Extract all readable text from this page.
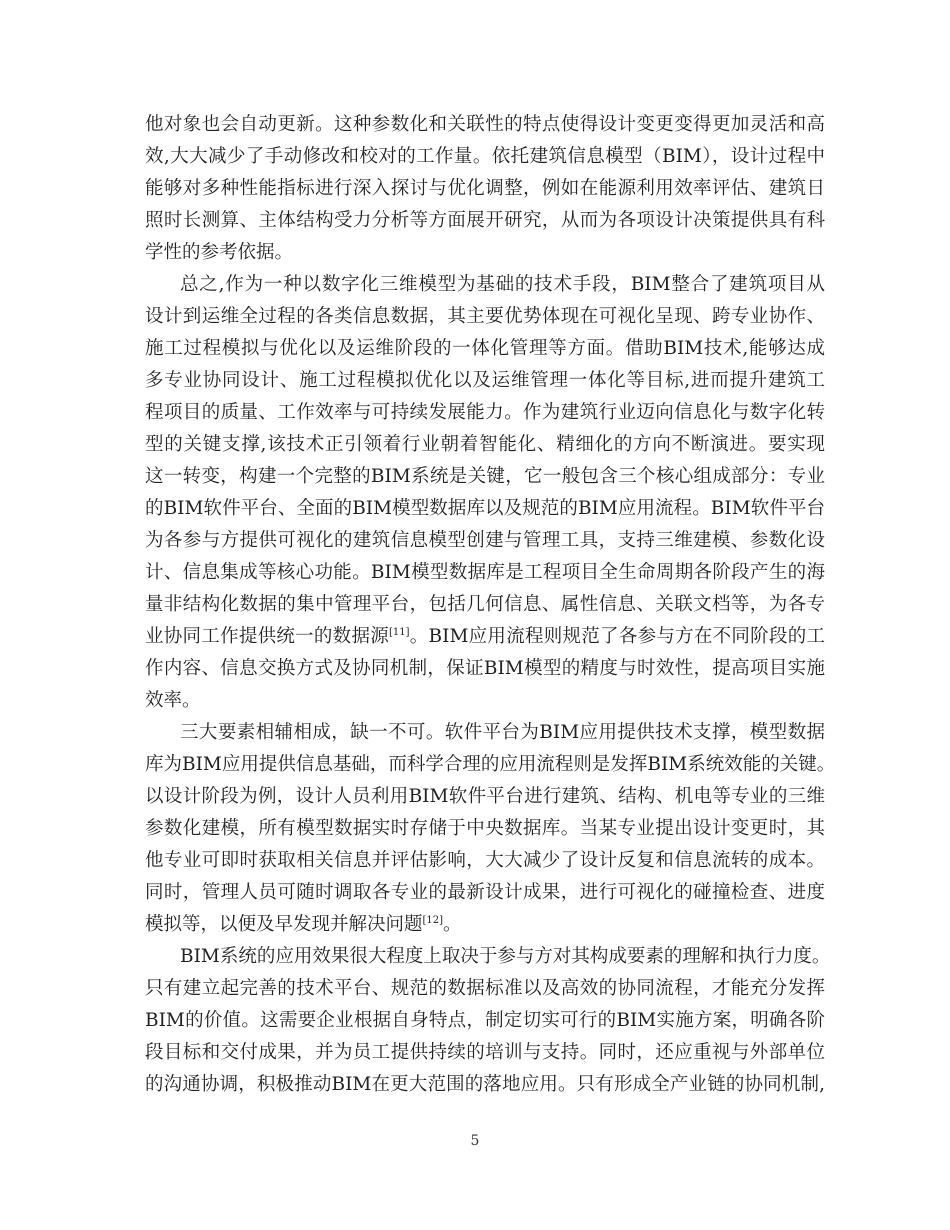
他对象也会自动更新。这种参数化和关联性的特点使得设计变更变得更加灵活和高
效,大大减少了手动修改和校对的工作量。依托建筑信息模型（BIM），设计过程中
能够对多种性能指标进行深入探讨与优化调整，例如在能源利用效率评估、建筑日
照时长测算、主体结构受力分析等方面展开研究，从而为各项设计决策提供具有科
学性的参考依据。
总之,作为一种以数字化三维模型为基础的技术手段，BIM整合了建筑项目从
设计到运维全过程的各类信息数据，其主要优势体现在可视化呈现、跨专业协作、
施工过程模拟与优化以及运维阶段的一体化管理等方面。借助BIM技术,能够达成
多专业协同设计、施工过程模拟优化以及运维管理一体化等目标,进而提升建筑工
程项目的质量、工作效率与可持续发展能力。作为建筑行业迈向信息化与数字化转
型的关键支撑,该技术正引领着行业朝着智能化、精细化的方向不断演进。要实现
这一转变，构建一个完整的BIM系统是关键，它一般包含三个核心组成部分：专业
的BIM软件平台、全面的BIM模型数据库以及规范的BIM应用流程。BIM软件平台
为各参与方提供可视化的建筑信息模型创建与管理工具，支持三维建模、参数化设
计、信息集成等核心功能。BIM模型数据库是工程项目全生命周期各阶段产生的海
量非结构化数据的集中管理平台，包括几何信息、属性信息、关联文档等，为各专
业协同工作提供统一的数据源[11]。BIM应用流程则规范了各参与方在不同阶段的工
作内容、信息交换方式及协同机制，保证BIM模型的精度与时效性，提高项目实施
效率。
三大要素相辅相成，缺一不可。软件平台为BIM应用提供技术支撑，模型数据
库为BIM应用提供信息基础，而科学合理的应用流程则是发挥BIM系统效能的关键。
以设计阶段为例，设计人员利用BIM软件平台进行建筑、结构、机电等专业的三维
参数化建模，所有模型数据实时存储于中央数据库。当某专业提出设计变更时，其
他专业可即时获取相关信息并评估影响，大大减少了设计反复和信息流转的成本。
同时，管理人员可随时调取各专业的最新设计成果，进行可视化的碰撞检查、进度
模拟等，以便及早发现并解决问题[12]。
BIM系统的应用效果很大程度上取决于参与方对其构成要素的理解和执行力度。
只有建立起完善的技术平台、规范的数据标准以及高效的协同流程，才能充分发挥
BIM的价值。这需要企业根据自身特点，制定切实可行的BIM实施方案，明确各阶
段目标和交付成果，并为员工提供持续的培训与支持。同时，还应重视与外部单位
的沟通协调，积极推动BIM在更大范围的落地应用。只有形成全产业链的协同机制,
5
